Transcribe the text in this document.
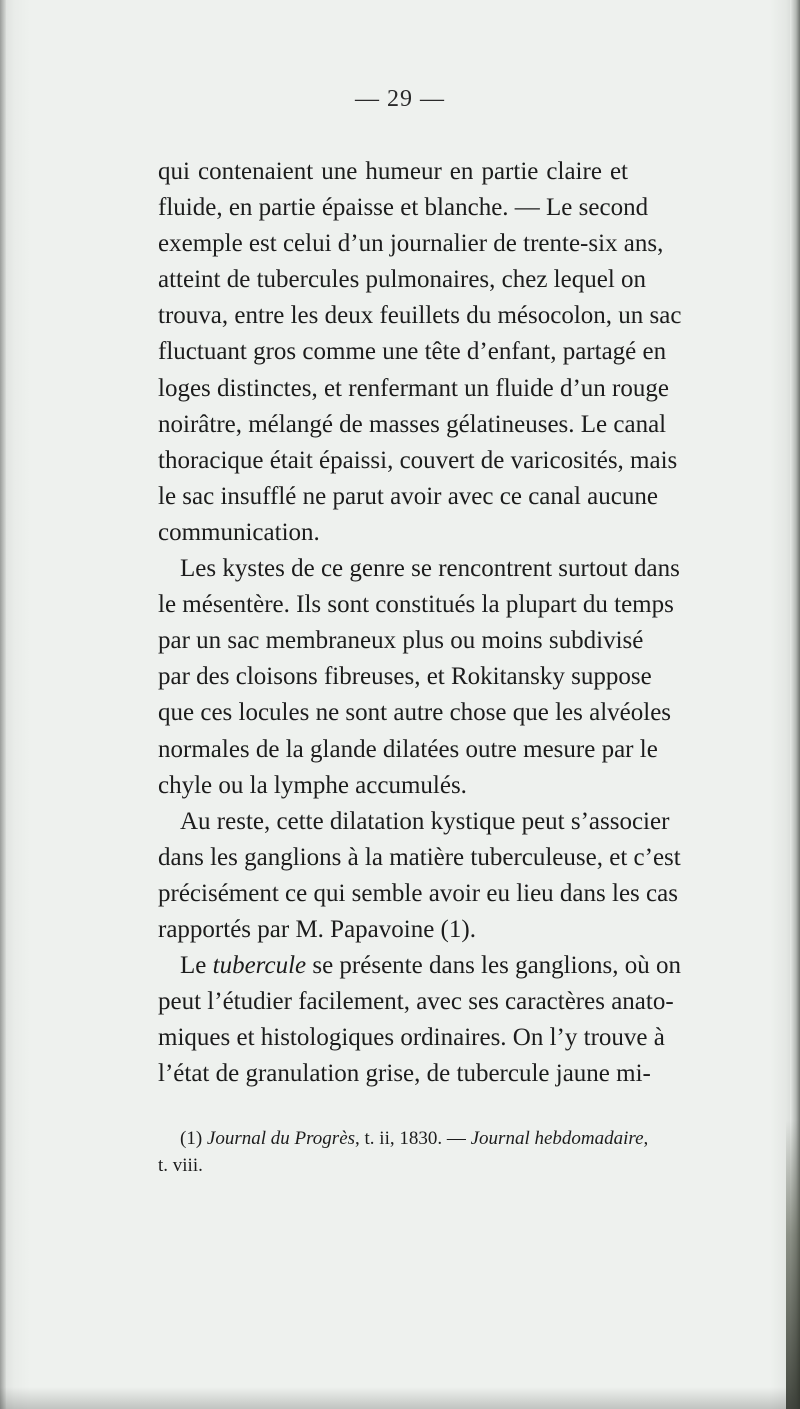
— 29 —
qui contenaient une humeur en partie claire et
fluide, en partie épaisse et blanche. — Le second
exemple est celui d’un journalier de trente-six ans,
atteint de tubercules pulmonaires, chez lequel on
trouva, entre les deux feuillets du mésocolon, un sac
fluctuant gros comme une tête d’enfant, partagé en
loges distinctes, et renfermant un fluide d’un rouge
noirâtre, mélangé de masses gélatineuses. Le canal
thoracique était épaissi, couvert de varicosités, mais
le sac insufflé ne parut avoir avec ce canal aucune
communication.
Les kystes de ce genre se rencontrent surtout dans
le mésentère. Ils sont constitués la plupart du temps
par un sac membraneux plus ou moins subdivisé
par des cloisons fibreuses, et Rokitansky suppose
que ces locules ne sont autre chose que les alvéoles
normales de la glande dilatées outre mesure par le
chyle ou la lymphe accumulés.
Au reste, cette dilatation kystique peut s’associer
dans les ganglions à la matière tuberculeuse, et c’est
précisément ce qui semble avoir eu lieu dans les cas
rapportés par M. Papavoine (1).
Le tubercule se présente dans les ganglions, où on
peut l’étudier facilement, avec ses caractères anato-
miques et histologiques ordinaires. On l’y trouve à
l’état de granulation grise, de tubercule jaune mi-
(1) Journal du Progrès, t. ii, 1830. — Journal hebdomadaire,
t. viii.
